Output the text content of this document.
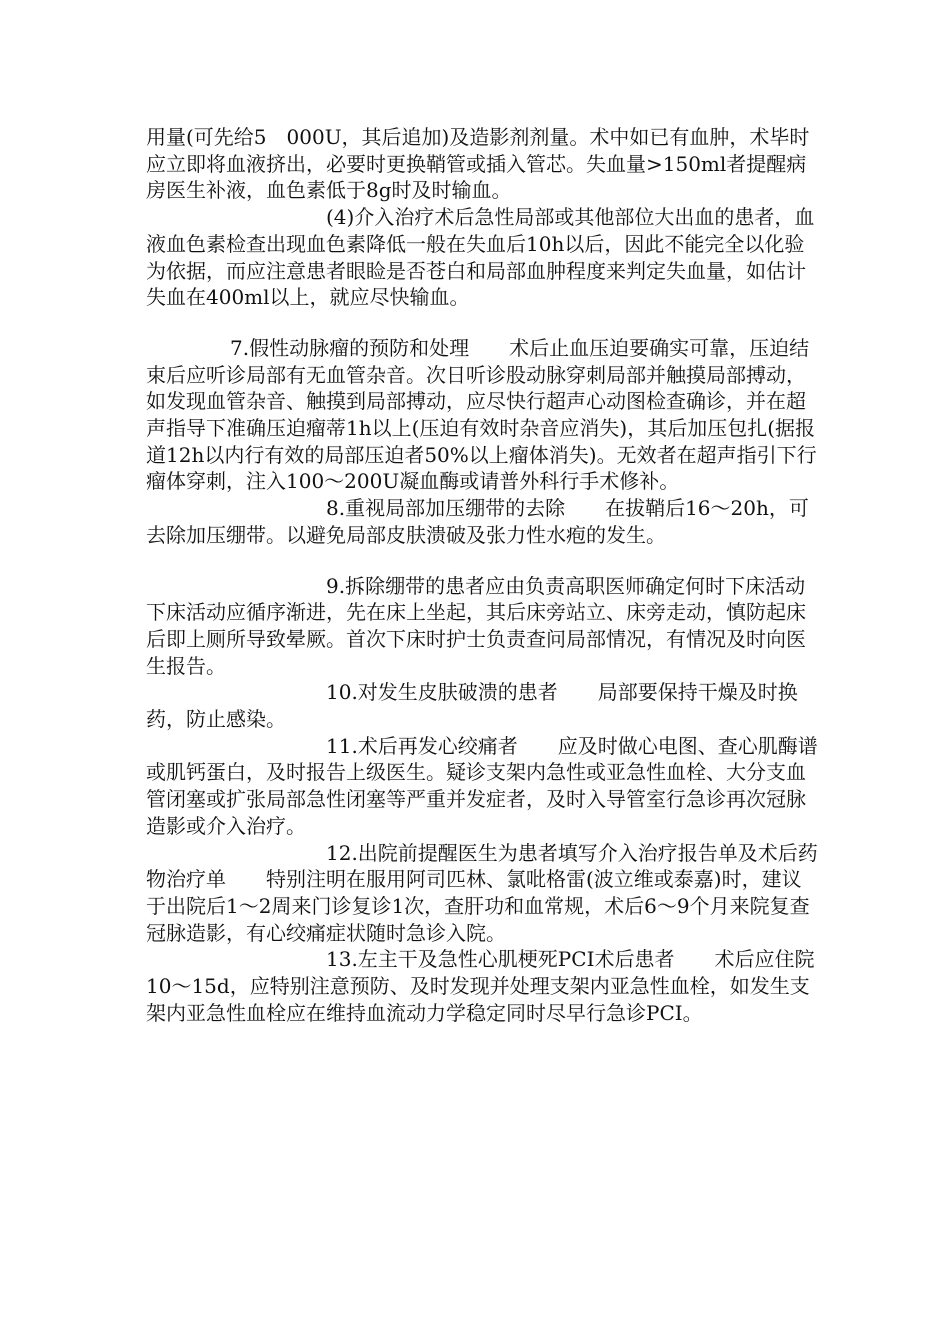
用量(可先给5　000U，其后追加)及造影剂剂量。术中如已有血肿，术毕时应立即将血液挤出，必要时更换鞘管或插入管芯。失血量>150ml者提醒病房医生补液，血色素低于8g时及时输血。

(4)介入治疗术后急性局部或其他部位大出血的患者，血液血色素检查出现血色素降低一般在失血后10h以后，因此不能完全以化验为依据，而应注意患者眼睑是否苍白和局部血肿程度来判定失血量，如估计失血在400ml以上，就应尽快输血。

7.假性动脉瘤的预防和处理　　术后止血压迫要确实可靠，压迫结束后应听诊局部有无血管杂音。次日听诊股动脉穿刺局部并触摸局部搏动，如发现血管杂音、触摸到局部搏动，应尽快行超声心动图检查确诊，并在超声指导下准确压迫瘤蒂1h以上(压迫有效时杂音应消失)，其后加压包扎(据报道12h以内行有效的局部压迫者50%以上瘤体消失)。无效者在超声指引下行瘤体穿刺，注入100～200U凝血酶或请普外科行手术修补。

8.重视局部加压绷带的去除　　在拔鞘后16～20h，可去除加压绷带。以避免局部皮肤溃破及张力性水疱的发生。

9.拆除绷带的患者应由负责高职医师确定何时下床活动　　下床活动应循序渐进，先在床上坐起，其后床旁站立、床旁走动，慎防起床后即上厕所导致晕厥。首次下床时护士负责查问局部情况，有情况及时向医生报告。

10.对发生皮肤破溃的患者　　局部要保持干燥及时换药，防止感染。

11.术后再发心绞痛者　　应及时做心电图、查心肌酶谱或肌钙蛋白，及时报告上级医生。疑诊支架内急性或亚急性血栓、大分支血管闭塞或扩张局部急性闭塞等严重并发症者，及时入导管室行急诊再次冠脉造影或介入治疗。

12.出院前提醒医生为患者填写介入治疗报告单及术后药物治疗单　　特别注明在服用阿司匹林、氯吡格雷(波立维或泰嘉)时，建议于出院后1～2周来门诊复诊1次，查肝功和血常规，术后6～9个月来院复查冠脉造影，有心绞痛症状随时急诊入院。

13.左主干及急性心肌梗死PCI术后患者　　术后应住院10～15d，应特别注意预防、及时发现并处理支架内亚急性血栓，如发生支架内亚急性血栓应在维持血流动力学稳定同时尽早行急诊PCI。
